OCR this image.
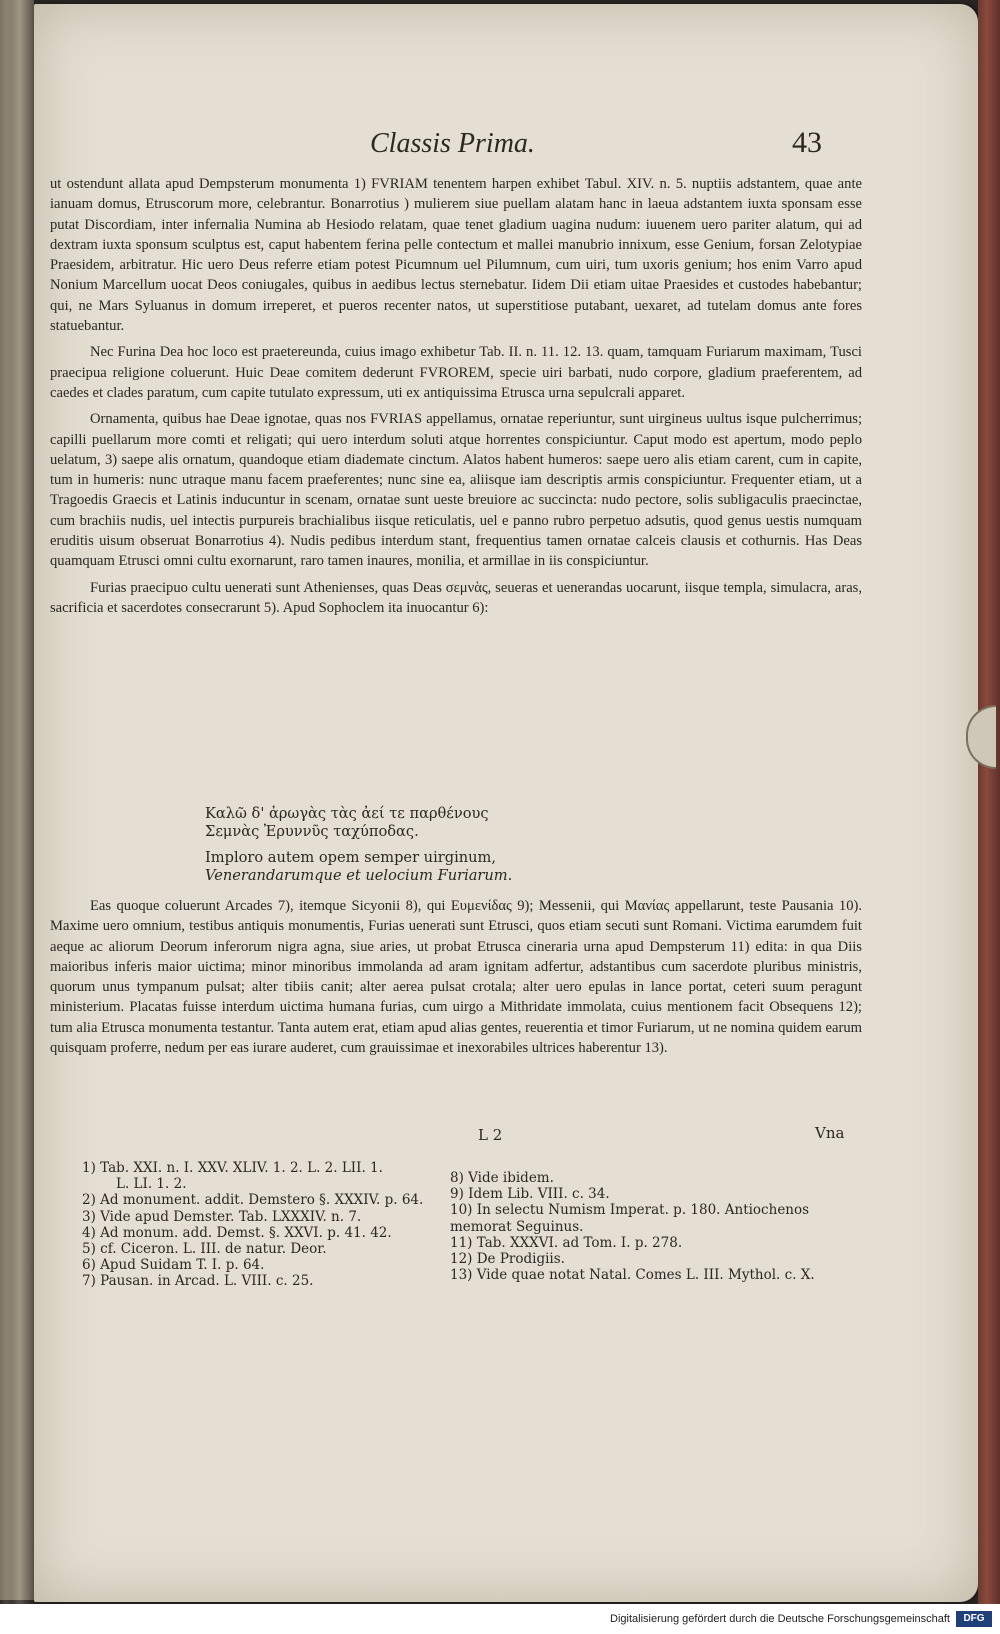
Classis Prima.	43

ut ostendunt allata apud Dempsterum monumenta 1) FVRIAM tenentem harpen exhibet Tabul. XIV. n. 5. nuptiis adstantem, quae ante ianuam domus, Etruscorum more, celebrantur. Bonarrotius ) mulierem siue puellam alatam hanc in laeua adstantem iuxta sponsam esse putat Discordiam, inter infernalia Numina ab Hesiodo relatam, quae tenet gladium uagina nudum: iuuenem uero pariter alatum, qui ad dextram iuxta sponsum sculptus est, caput habentem ferina pelle contectum et mallei manubrio innixum, esse Genium, forsan Zelotypiae Praesidem, arbitratur. Hic uero Deus referre etiam potest Picumnum uel Pilumnum, cum uiri, tum uxoris genium; hos enim Varro apud Nonium Marcellum uocat Deos coniugales, quibus in aedibus lectus sternebatur. Iidem Dii etiam uitae Praesides et custodes habebantur; qui, ne Mars Syluanus in domum irreperet, et pueros recenter natos, ut superstitiose putabant, uexaret, ad tutelam domus ante fores statuebantur.

Nec Furina Dea hoc loco est praetereunda, cuius imago exhibetur Tab. II. n. 11. 12. 13. quam, tamquam Furiarum maximam, Tusci praecipua religione coluerunt. Huic Deae comitem dederunt FVROREM, specie uiri barbati, nudo corpore, gladium praeferentem, ad caedes et clades paratum, cum capite tutulato expressum, uti ex antiquissima Etrusca urna sepulcrali apparet.

Ornamenta, quibus hae Deae ignotae, quas nos FVRIAS appellamus, ornatae reperiuntur, sunt uirgineus uultus isque pulcherrimus; capilli puellarum more comti et religati; qui uero interdum soluti atque horrentes conspiciuntur. Caput modo est apertum, modo peplo uelatum, 3) saepe alis ornatum, quandoque etiam diademate cinctum. Alatos habent humeros: saepe uero alis etiam carent, cum in capite, tum in humeris: nunc utraque manu facem praeferentes; nunc sine ea, aliisque iam descriptis armis conspiciuntur. Frequenter etiam, ut a Tragoedis Graecis et Latinis inducuntur in scenam, ornatae sunt ueste breuiore ac succincta: nudo pectore, solis subligaculis praecinctae, cum brachiis nudis, uel intectis purpureis brachialibus iisque reticulatis, uel e panno rubro perpetuo adsutis, quod genus uestis numquam eruditis uisum obseruat Bonarrotius 4). Nudis pedibus interdum stant, frequentius tamen ornatae calceis clausis et cothurnis. Has Deas quamquam Etrusci omni cultu exornarunt, raro tamen inaures, monilia, et armillae in iis conspiciuntur.

Furias praecipuo cultu uenerati sunt Athenienses, quas Deas σεμνὰς, seueras et uenerandas uocarunt, iisque templa, simulacra, aras, sacrificia et sacerdotes consecrarunt 5). Apud Sophoclem ita inuocantur 6):

Καλῶ δ' ἀρωγὰς τὰς ἀεί τε παρθένους

Σεμνὰς Ἐρυννῦς ταχύποδας.

Imploro autem opem semper uirginum,

Venerandarumque et uelocium Furiarum.

Eas quoque coluerunt Arcades 7), itemque Sicyonii 8), qui Ευμενίδας 9); Messenii, qui Μανίας appellarunt, teste Pausania 10). Maxime uero omnium, testibus antiquis monumentis, Furias uenerati sunt Etrusci, quos etiam secuti sunt Romani. Victima earumdem fuit aeque ac aliorum Deorum inferorum nigra agna, siue aries, ut probat Etrusca cineraria urna apud Dempsterum 11) edita: in qua Diis maioribus inferis maior uictima; minor minoribus immolanda ad aram ignitam adfertur, adstantibus cum sacerdote pluribus ministris, quorum unus tympanum pulsat; alter tibiis canit; alter aerea pulsat crotala; alter uero epulas in lance portat, ceteri suum peragunt ministerium. Placatas fuisse interdum uictima humana furias, cum uirgo a Mithridate immolata, cuius mentionem facit Obsequens 12); tum alia Etrusca monumenta testantur. Tanta autem erat, etiam apud alias gentes, reuerentia et timor Furiarum, ut ne nomina quidem earum quisquam proferre, nedum per eas iurare auderet, cum grauissimae et inexorabiles ultrices haberentur 13).

L 2	Vna

1) Tab. XXI. n. I. XXV. XLIV. 1. 2. L. 2. LII. 1.

L. LI. 1. 2.

2) Ad monument. addit. Demstero §. XXXIV. p. 64.

3) Vide apud Demster. Tab. LXXXIV. n. 7.

4) Ad monum. add. Demst. §. XXVI. p. 41. 42.

5) cf. Ciceron. L. III. de natur. Deor.

6) Apud Suidam T. I. p. 64.

7) Pausan. in Arcad. L. VIII. c. 25.

8) Vide ibidem.

9) Idem Lib. VIII. c. 34.

10) In selectu Numism Imperat. p. 180. Antiochenos memorat Seguinus.

11) Tab. XXXVI. ad Tom. I. p. 278.

12) De Prodigiis.

13) Vide quae notat Natal. Comes L. III. Mythol. c. X.

Digitalisierung gefördert durch die Deutsche Forschungsgemeinschaft	DFG
